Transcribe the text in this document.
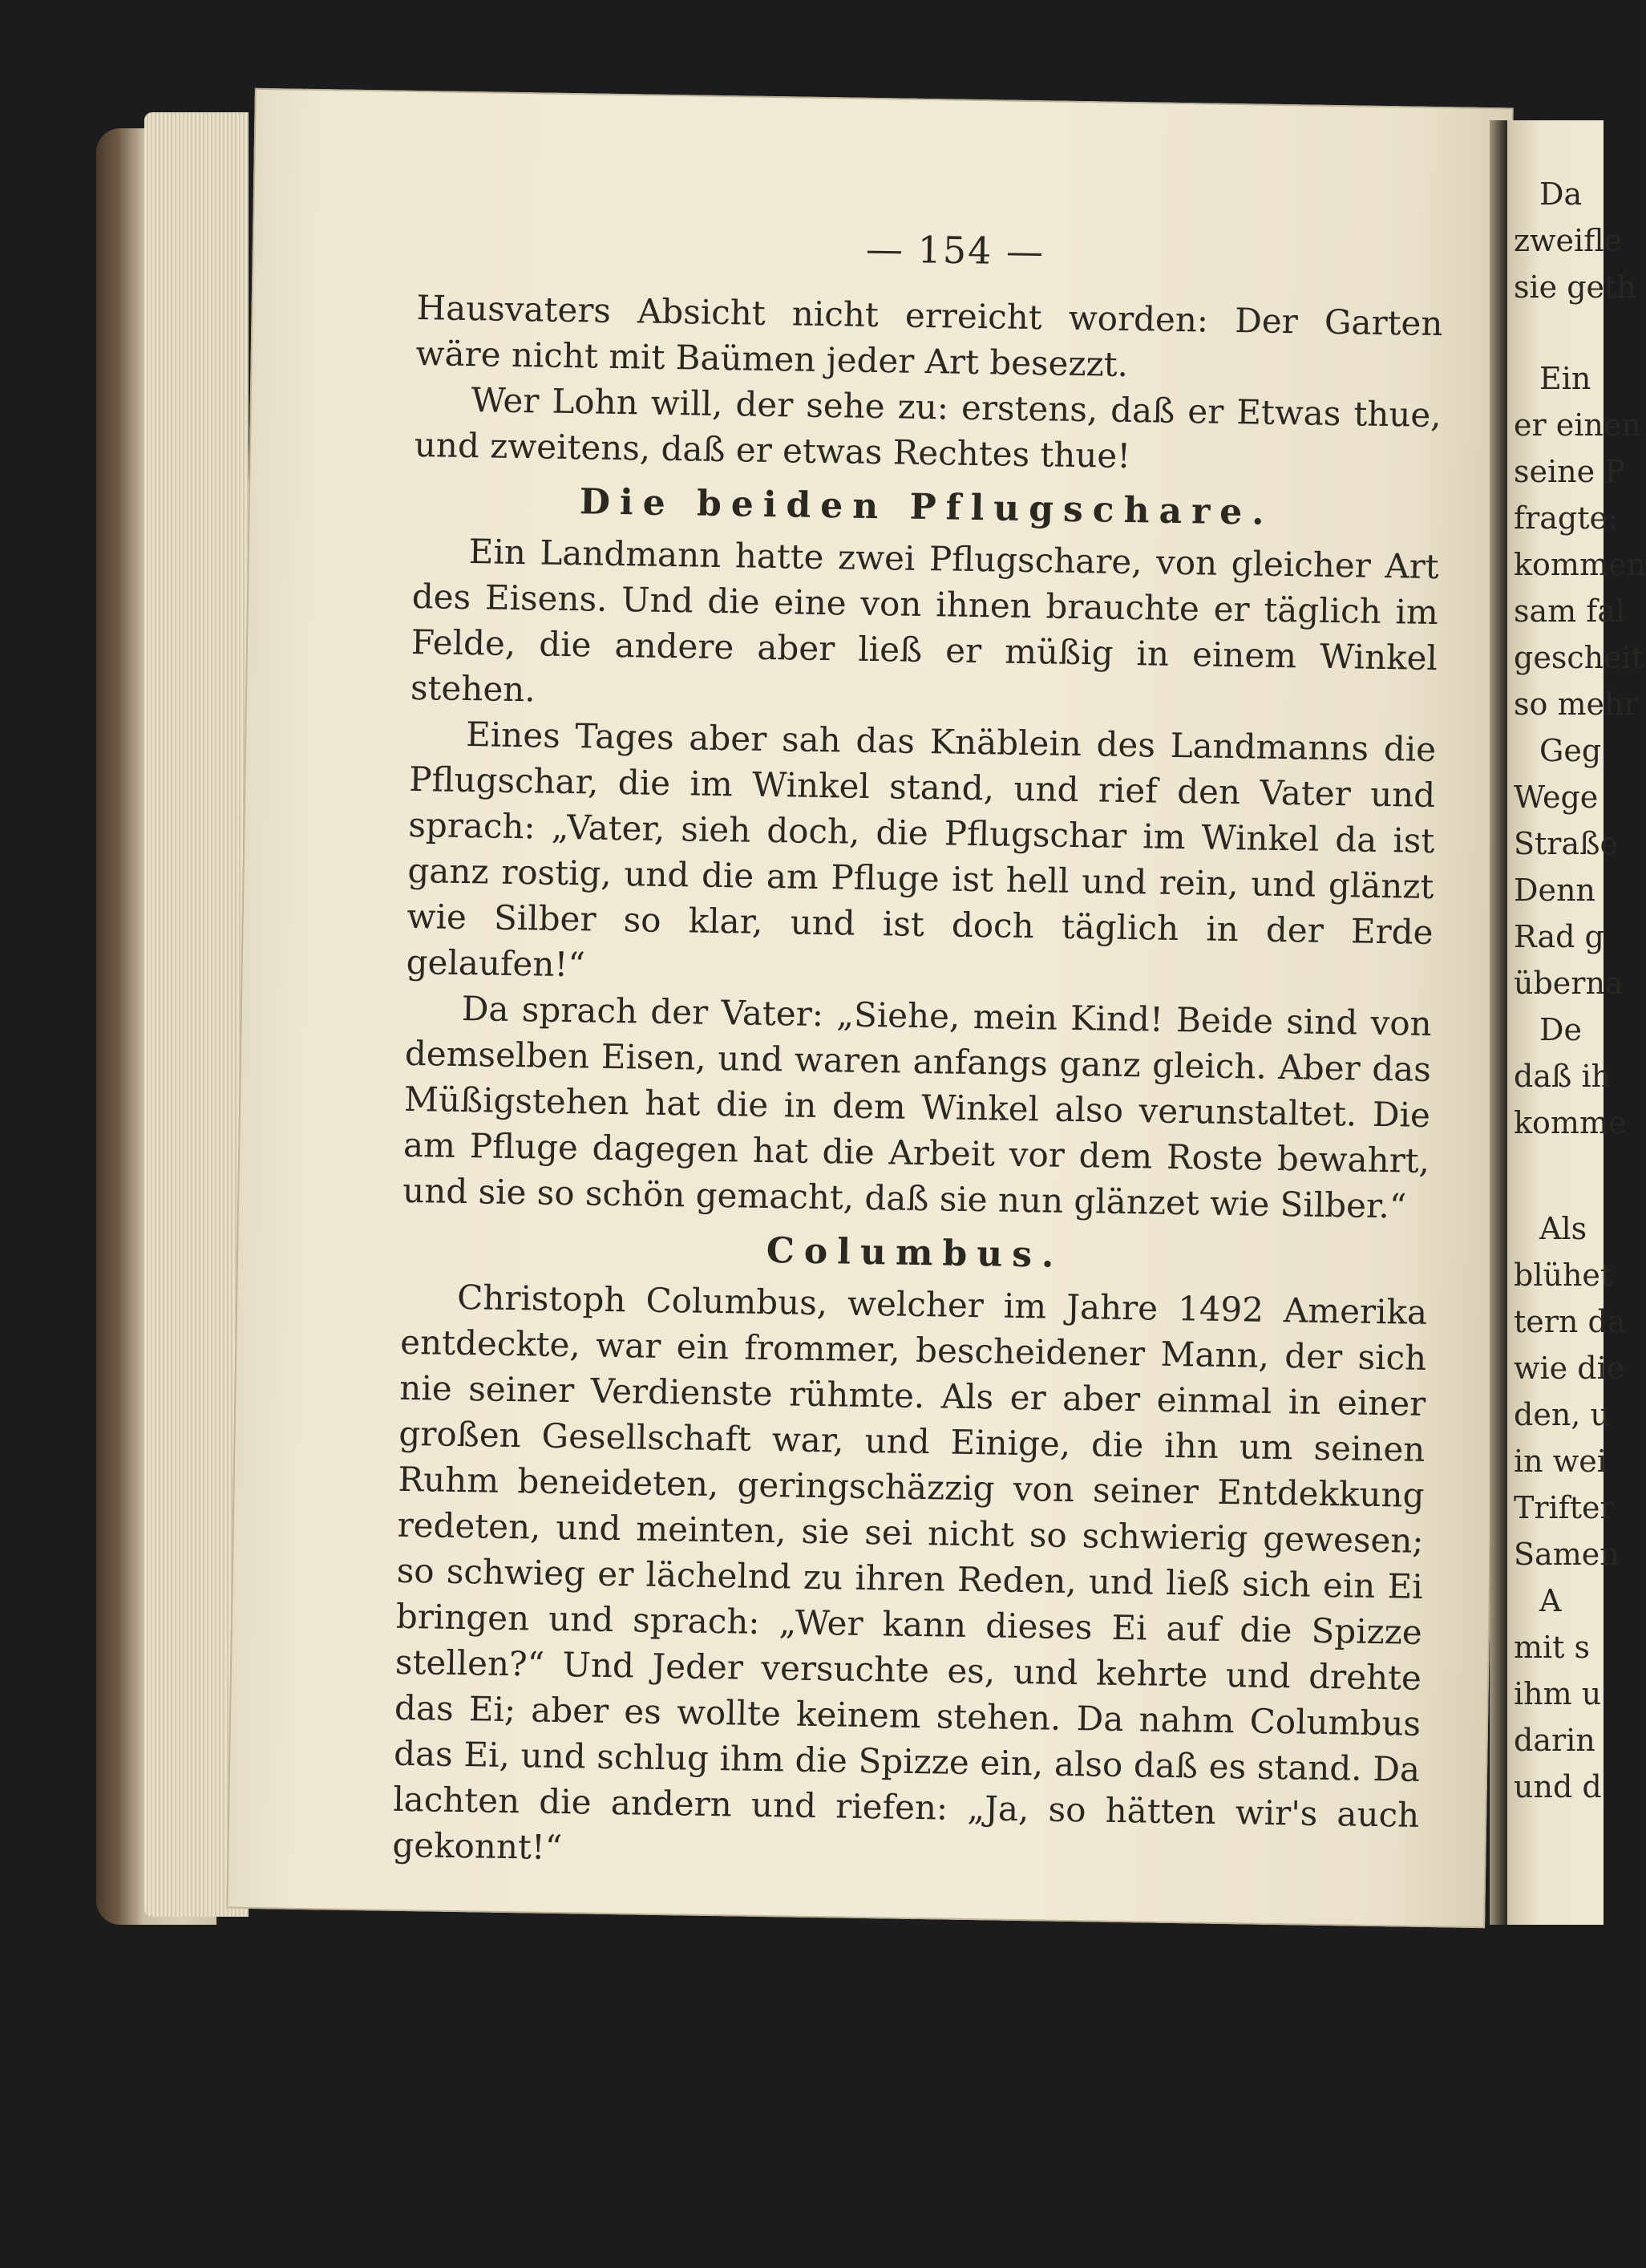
Da
zweifle
sie geth
Ein
er einen
seine P
fragte:
kommen
sam fal
gescheit
so mehr
Geg
Wege
Straße
Denn
Rad g
überna
De
daß ih
komme
Als
blühet
tern da
wie die
den, u
in wei
Trifter
Samen
A
mit s
ihm u
darin
und d
— 154 —

Hausvaters Absicht nicht erreicht worden: Der Garten wäre nicht mit Baümen jeder Art besezzt.

Wer Lohn will, der sehe zu: erstens, daß er Etwas thue, und zweitens, daß er etwas Rechtes thue!

Die beiden Pflugschare.

Ein Landmann hatte zwei Pflugschare, von gleicher Art des Eisens. Und die eine von ihnen brauchte er täglich im Felde, die andere aber ließ er müßig in einem Winkel stehen.

Eines Tages aber sah das Knäblein des Landmanns die Pflugschar, die im Winkel stand, und rief den Vater und sprach: „Vater, sieh doch, die Pflugschar im Winkel da ist ganz rostig, und die am Pfluge ist hell und rein, und glänzt wie Silber so klar, und ist doch täglich in der Erde gelaufen!“

Da sprach der Vater: „Siehe, mein Kind! Beide sind von demselben Eisen, und waren anfangs ganz gleich. Aber das Müßigstehen hat die in dem Winkel also verunstaltet. Die am Pfluge dagegen hat die Arbeit vor dem Roste bewahrt, und sie so schön gemacht, daß sie nun glänzet wie Silber.“

Columbus.

Christoph Columbus, welcher im Jahre 1492 Amerika entdeckte, war ein frommer, bescheidener Mann, der sich nie seiner Verdienste rühmte. Als er aber einmal in einer großen Gesellschaft war, und Einige, die ihn um seinen Ruhm beneideten, geringschäzzig von seiner Entdekkung redeten, und meinten, sie sei nicht so schwierig gewesen; so schwieg er lächelnd zu ihren Reden, und ließ sich ein Ei bringen und sprach: „Wer kann dieses Ei auf die Spizze stellen?“ Und Jeder versuchte es, und kehrte und drehte das Ei; aber es wollte keinem stehen. Da nahm Columbus das Ei, und schlug ihm die Spizze ein, also daß es stand. Da lachten die andern und riefen: „Ja, so hätten wir's auch gekonnt!“
